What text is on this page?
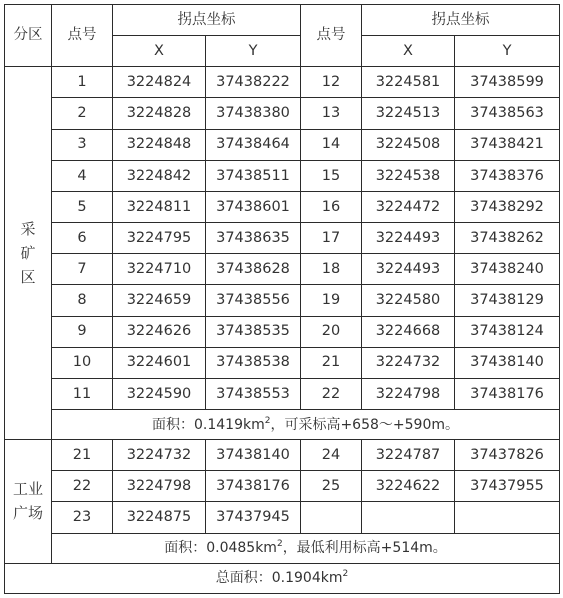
分区	点号	拐点坐标		点号	拐点坐标	
		X	Y		X	Y

采
矿
区	1	3224824	37438222	12	3224581	37438599
	2	3224828	37438380	13	3224513	37438563
	3	3224848	37438464	14	3224508	37438421
	4	3224842	37438511	15	3224538	37438376
	5	3224811	37438601	16	3224472	37438292
	6	3224795	37438635	17	3224493	37438262
	7	3224710	37438628	18	3224493	37438240
	8	3224659	37438556	19	3224580	37438129
	9	3224626	37438535	20	3224668	37438124
	10	3224601	37438538	21	3224732	37438140
	11	3224590	37438553	22	3224798	37438176
	面积：$0.1419km^2$，可采标高+658～+590m。					

工业
广场	21	3224732	37438140	24	3224787	37437826
	22	3224798	37438176	25	3224622	37437955
	23	3224875	37437945			
	面积：$0.0485km^2$，最低利用标高+514m。					
总面积：$0.1904km^2$
